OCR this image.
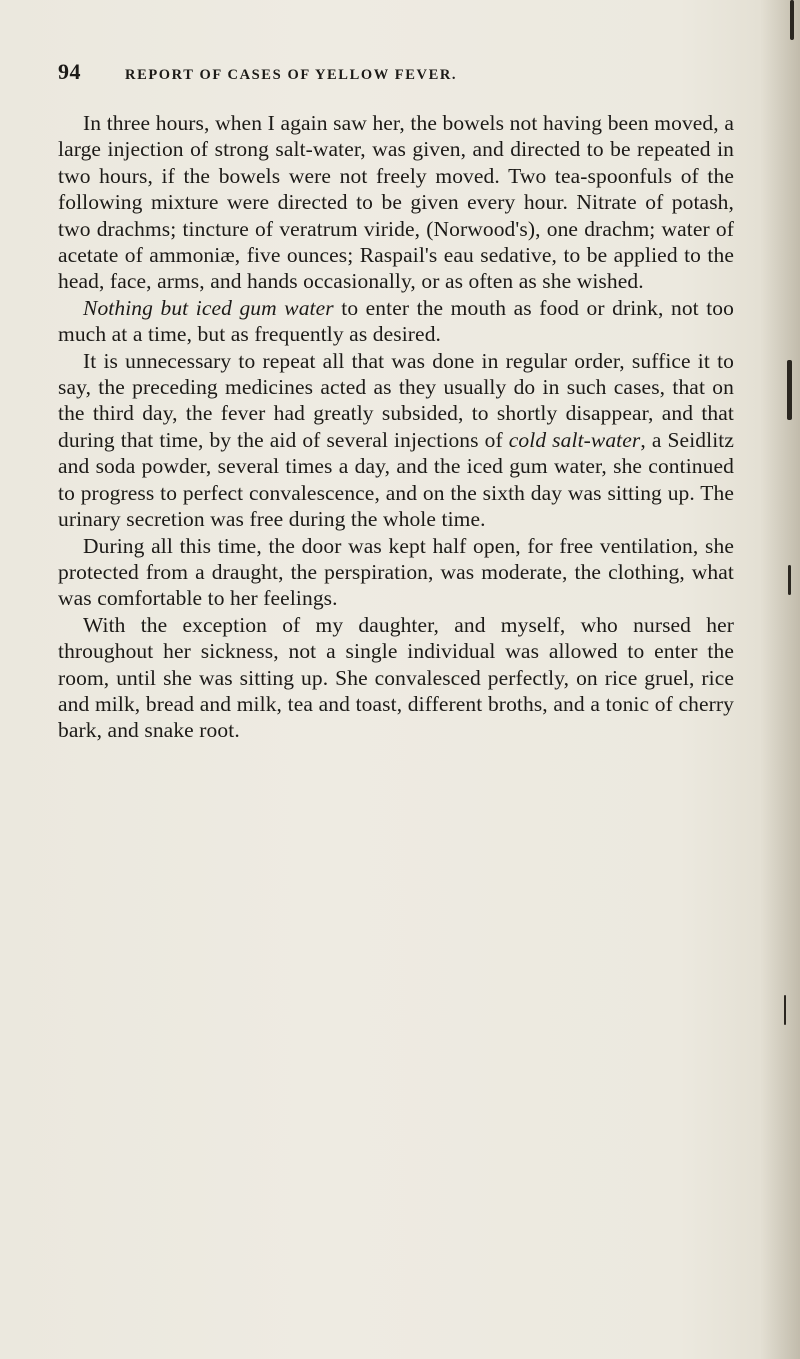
94	REPORT OF CASES OF YELLOW FEVER.

In three hours, when I again saw her, the bowels not having been moved, a large injection of strong salt-water, was given, and directed to be repeated in two hours, if the bowels were not freely moved. Two tea-spoonfuls of the following mixture were directed to be given every hour. Nitrate of potash, two drachms; tincture of veratrum viride, (Norwood's), one drachm; water of acetate of ammoniæ, five ounces; Raspail's eau sedative, to be applied to the head, face, arms, and hands occasionally, or as often as she wished.

Nothing but iced gum water to enter the mouth as food or drink, not too much at a time, but as frequently as desired.

It is unnecessary to repeat all that was done in regular order, suffice it to say, the preceding medicines acted as they usually do in such cases, that on the third day, the fever had greatly subsided, to shortly disappear, and that during that time, by the aid of several injections of cold salt-water, a Seidlitz and soda powder, several times a day, and the iced gum water, she continued to progress to perfect convalescence, and on the sixth day was sitting up. The urinary secretion was free during the whole time.

During all this time, the door was kept half open, for free ventilation, she protected from a draught, the perspiration, was moderate, the clothing, what was comfortable to her feelings.

With the exception of my daughter, and myself, who nursed her throughout her sickness, not a single individual was allowed to enter the room, until she was sitting up. She convalesced perfectly, on rice gruel, rice and milk, bread and milk, tea and toast, different broths, and a tonic of cherry bark, and snake root.
